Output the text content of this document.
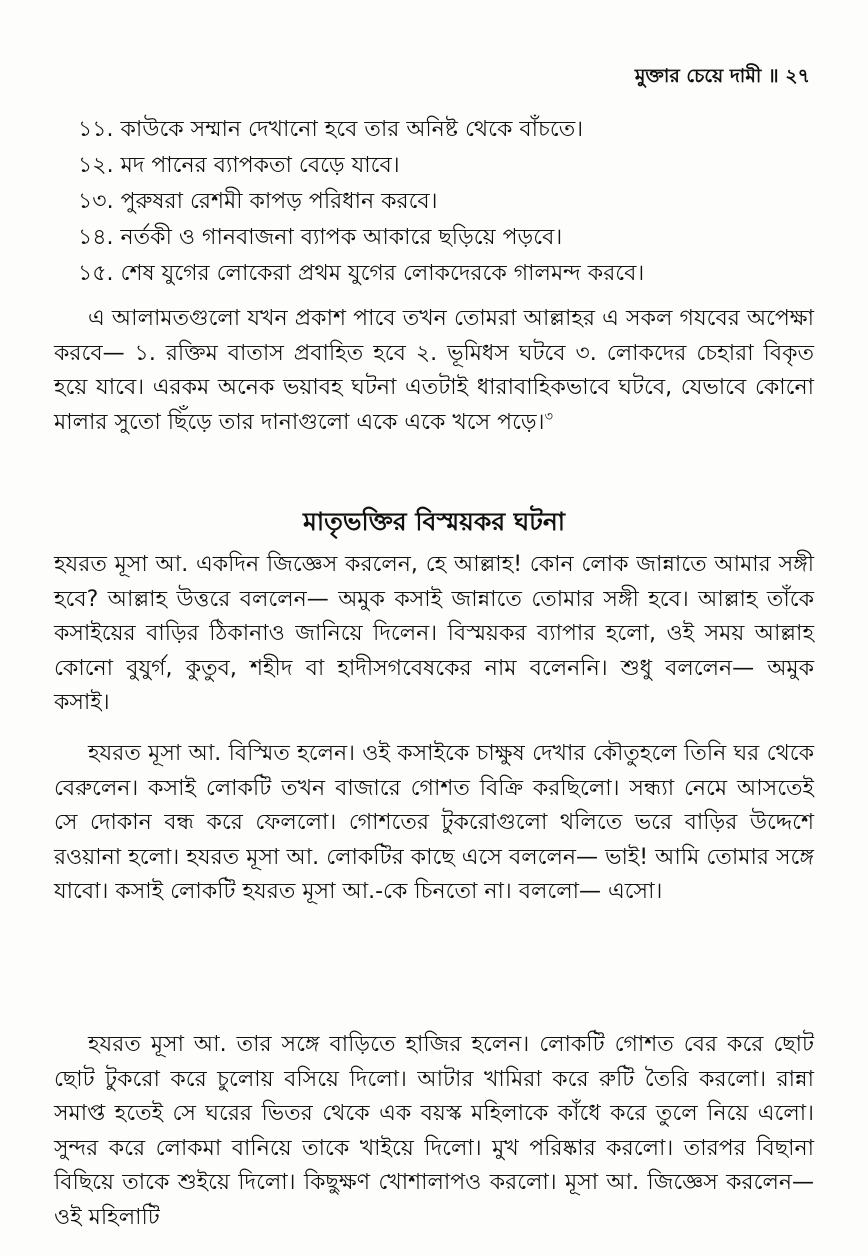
মুক্তার চেয়ে দামী ॥ ২৭
১১. কাউকে সম্মান দেখানো হবে তার অনিষ্ট থেকে বাঁচতে।
১২. মদ পানের ব্যাপকতা বেড়ে যাবে।
১৩. পুরুষরা রেশমী কাপড় পরিধান করবে।
১৪. নর্তকী ও গানবাজনা ব্যাপক আকারে ছড়িয়ে পড়বে।
১৫. শেষ যুগের লোকেরা প্রথম যুগের লোকদেরকে গালমন্দ করবে।

এ আলামতগুলো যখন প্রকাশ পাবে তখন তোমরা আল্লাহর এ সকল গযবের অপেক্ষা করবে— ১. রক্তিম বাতাস প্রবাহিত হবে ২. ভূমিধস ঘটবে ৩. লোকদের চেহারা বিকৃত হয়ে যাবে। এরকম অনেক ভয়াবহ ঘটনা এতটাই ধারাবাহিকভাবে ঘটবে, যেভাবে কোনো মালার সুতো ছিঁড়ে তার দানাগুলো একে একে খসে পড়ে।$^৩$

মাতৃভক্তির বিস্ময়কর ঘটনা

হযরত মূসা আ. একদিন জিজ্ঞেস করলেন, হে আল্লাহ! কোন লোক জান্নাতে আমার সঙ্গী হবে? আল্লাহ উত্তরে বললেন— অমুক কসাই জান্নাতে তোমার সঙ্গী হবে। আল্লাহ তাঁকে কসাইয়ের বাড়ির ঠিকানাও জানিয়ে দিলেন। বিস্ময়কর ব্যাপার হলো, ওই সময় আল্লাহ কোনো বুযুর্গ, কুতুব, শহীদ বা হাদীসগবেষকের নাম বলেননি। শুধু বললেন— অমুক কসাই।

হযরত মূসা আ. বিস্মিত হলেন। ওই কসাইকে চাক্ষুষ দেখার কৌতুহলে তিনি ঘর থেকে বেরুলেন। কসাই লোকটি তখন বাজারে গোশত বিক্রি করছিলো। সন্ধ্যা নেমে আসতেই সে দোকান বন্ধ করে ফেললো। গোশতের টুকরোগুলো থলিতে ভরে বাড়ির উদ্দেশে রওয়ানা হলো। হযরত মূসা আ. লোকটির কাছে এসে বললেন— ভাই! আমি তোমার সঙ্গে যাবো। কসাই লোকটি হযরত মূসা আ.-কে চিনতো না। বললো— এসো।

হযরত মূসা আ. তার সঙ্গে বাড়িতে হাজির হলেন। লোকটি গোশত বের করে ছোট ছোট টুকরো করে চুলোয় বসিয়ে দিলো। আটার খামিরা করে রুটি তৈরি করলো। রান্না সমাপ্ত হতেই সে ঘরের ভিতর থেকে এক বয়স্ক মহিলাকে কাঁধে করে তুলে নিয়ে এলো। সুন্দর করে লোকমা বানিয়ে তাকে খাইয়ে দিলো। মুখ পরিষ্কার করলো। তারপর বিছানা বিছিয়ে তাকে শুইয়ে দিলো। কিছুক্ষণ খোশালাপও করলো। মূসা আ. জিজ্ঞেস করলেন— ওই মহিলাটি
